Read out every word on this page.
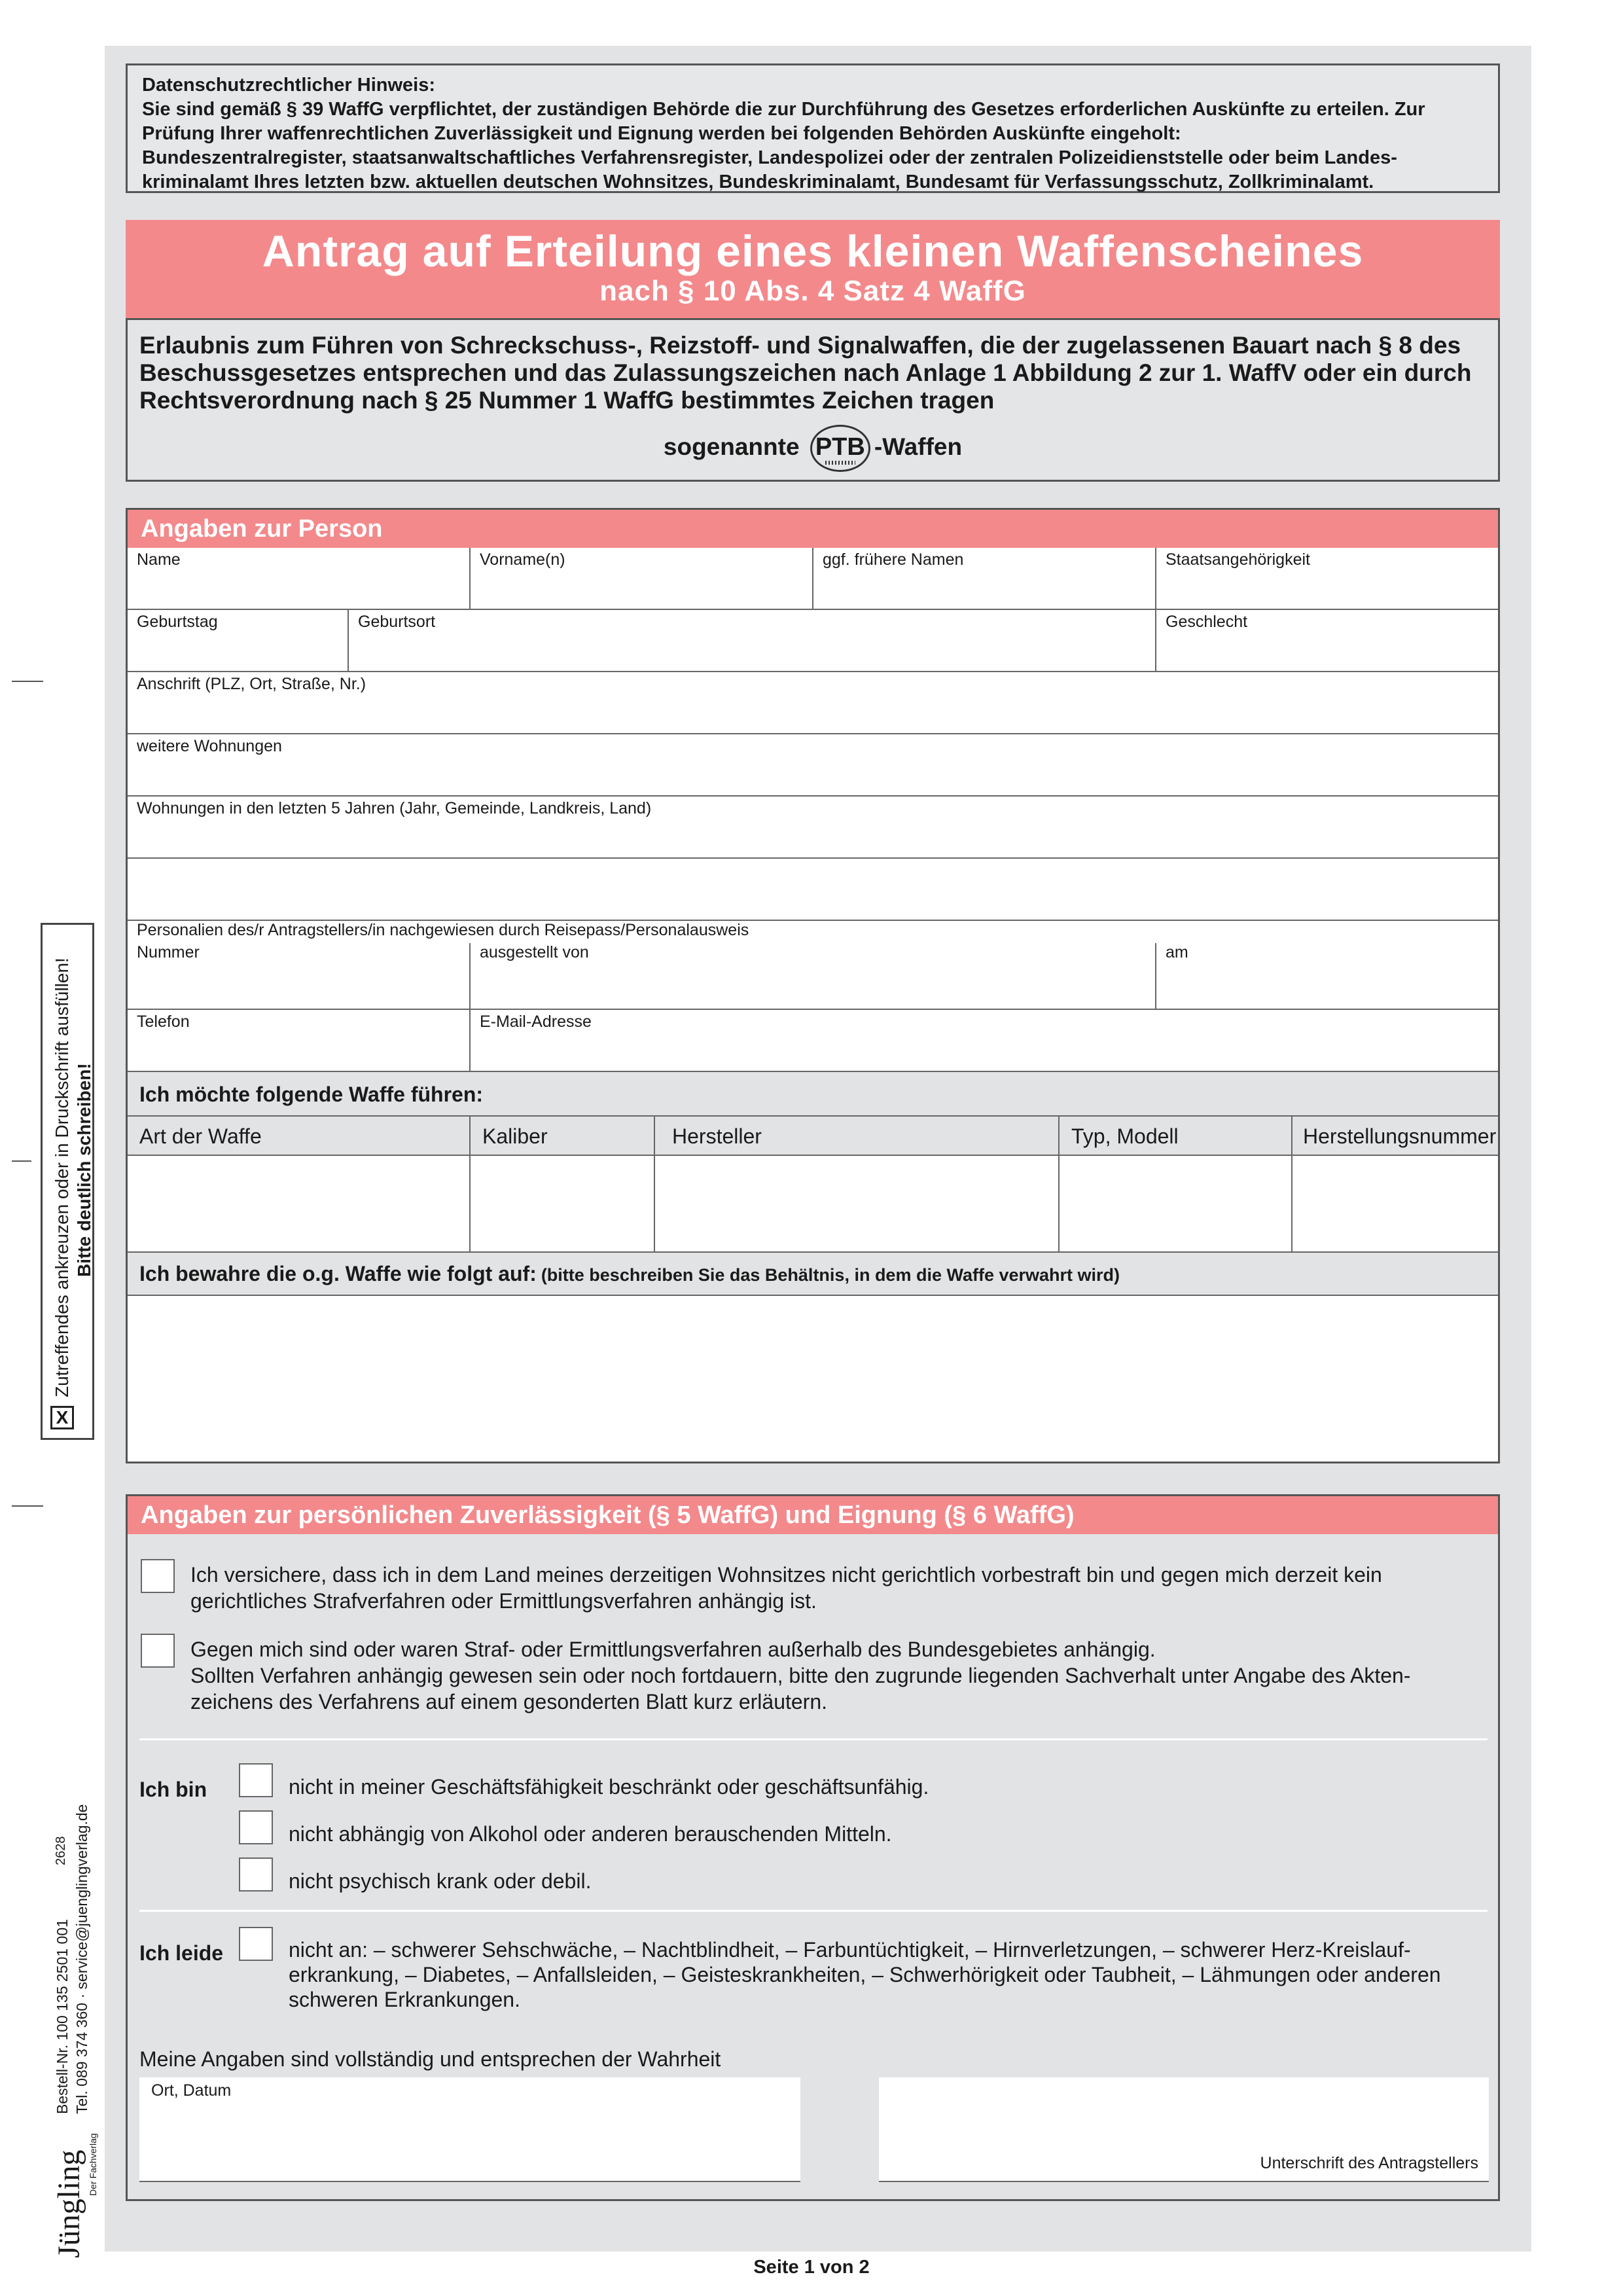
X
Zutreffendes ankreuzen oder in Druckschrift ausfüllen! Bitte deutlich schreiben!
Jüngling Der Fachverlag
Bestell-Nr. 100 135 2501 001
2628 Tel. 089 374 360 · service@juenglingverlag.de
Datenschutzrechtlicher Hinweis:
Sie sind gemäß § 39 WaffG verpflichtet, der zuständigen Behörde die zur Durchführung des Gesetzes erforderlichen Auskünfte zu erteilen. Zur
Prüfung Ihrer waffenrechtlichen Zuverlässigkeit und Eignung werden bei folgenden Behörden Auskünfte eingeholt:
Bundeszentralregister, staatsanwaltschaftliches Verfahrensregister, Landespolizei oder der zentralen Polizeidienststelle oder beim Landes-
kriminalamt Ihres letzten bzw. aktuellen deutschen Wohnsitzes, Bundeskriminalamt, Bundesamt für Verfassungsschutz, Zollkriminalamt.
Antrag auf Erteilung eines kleinen Waffenscheines
nach § 10 Abs. 4 Satz 4 WaffG
Erlaubnis zum Führen von Schreckschuss-, Reizstoff- und Signalwaffen, die der zugelassenen Bauart nach § 8 des
Beschussgesetzes entsprechen und das Zulassungszeichen nach Anlage 1 Abbildung 2 zur 1. WaffV oder ein durch
Rechtsverordnung nach § 25 Nummer 1 WaffG bestimmtes Zeichen tragen
sogenannte PTB -Waffen
Angaben zur Person
Name	Vorname(n)	ggf. frühere Namen	Staatsangehörigkeit
Geburtstag	Geburtsort	Geschlecht
Anschrift (PLZ, Ort, Straße, Nr.)
weitere Wohnungen
Wohnungen in den letzten 5 Jahren (Jahr, Gemeinde, Landkreis, Land)
Personalien des/r Antragstellers/in nachgewiesen durch Reisepass/Personalausweis
Nummer	ausgestellt von	am
Telefon	E-Mail-Adresse
Ich möchte folgende Waffe führen:
Art der Waffe	Kaliber	Hersteller	Typ, Modell	Herstellungsnummer
Ich bewahre die o.g. Waffe wie folgt auf: (bitte beschreiben Sie das Behältnis, in dem die Waffe verwahrt wird)
Angaben zur persönlichen Zuverlässigkeit (§ 5 WaffG) und Eignung (§ 6 WaffG)
Ich versichere, dass ich in dem Land meines derzeitigen Wohnsitzes nicht gerichtlich vorbestraft bin und gegen mich derzeit kein
gerichtliches Strafverfahren oder Ermittlungsverfahren anhängig ist.
Gegen mich sind oder waren Straf- oder Ermittlungsverfahren außerhalb des Bundesgebietes anhängig.
Sollten Verfahren anhängig gewesen sein oder noch fortdauern, bitte den zugrunde liegenden Sachverhalt unter Angabe des Akten-
zeichens des Verfahrens auf einem gesonderten Blatt kurz erläutern.
Ich bin	nicht in meiner Geschäftsfähigkeit beschränkt oder geschäftsunfähig.
nicht abhängig von Alkohol oder anderen berauschenden Mitteln.
nicht psychisch krank oder debil.
Ich leide	nicht an: – schwerer Sehschwäche, – Nachtblindheit, – Farbuntüchtigkeit, – Hirnverletzungen, – schwerer Herz-Kreislauf-
erkrankung, – Diabetes, – Anfallsleiden, – Geisteskrankheiten, – Schwerhörigkeit oder Taubheit, – Lähmungen oder anderen
schweren Erkrankungen.
Meine Angaben sind vollständig und entsprechen der Wahrheit
Ort, Datum
Unterschrift des Antragstellers
Seite 1 von 2
